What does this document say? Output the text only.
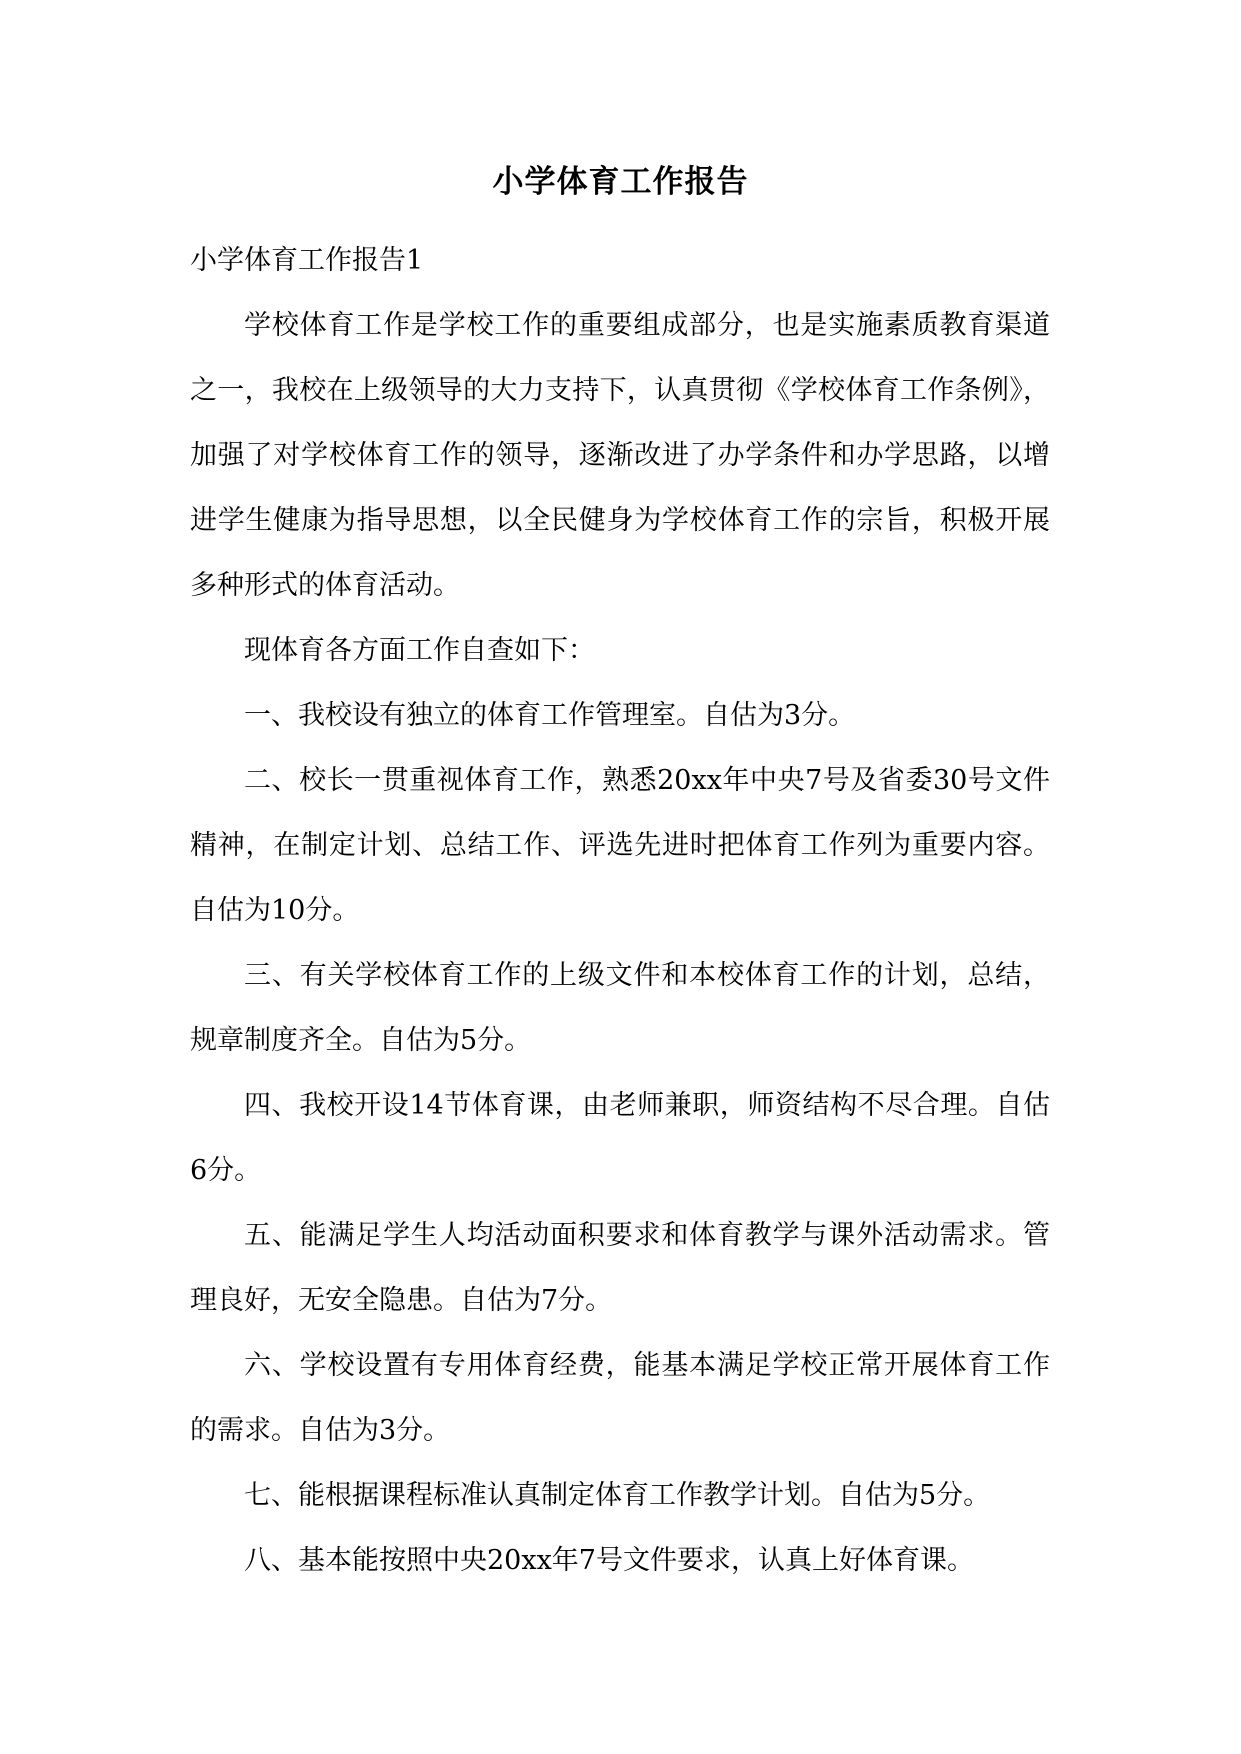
小学体育工作报告

小学体育工作报告1

学校体育工作是学校工作的重要组成部分，也是实施素质教育渠道之一，我校在上级领导的大力支持下，认真贯彻《学校体育工作条例》，加强了对学校体育工作的领导，逐渐改进了办学条件和办学思路，以增进学生健康为指导思想，以全民健身为学校体育工作的宗旨，积极开展多种形式的体育活动。

现体育各方面工作自查如下：

一、我校设有独立的体育工作管理室。自估为3分。

二、校长一贯重视体育工作，熟悉20xx年中央7号及省委30号文件精神，在制定计划、总结工作、评选先进时把体育工作列为重要内容。自估为10分。

三、有关学校体育工作的上级文件和本校体育工作的计划，总结，规章制度齐全。自估为5分。

四、我校开设14节体育课，由老师兼职，师资结构不尽合理。自估6分。

五、能满足学生人均活动面积要求和体育教学与课外活动需求。管理良好，无安全隐患。自估为7分。

六、学校设置有专用体育经费，能基本满足学校正常开展体育工作的需求。自估为3分。

七、能根据课程标准认真制定体育工作教学计划。自估为5分。

八、基本能按照中央20xx年7号文件要求，认真上好体育课。
